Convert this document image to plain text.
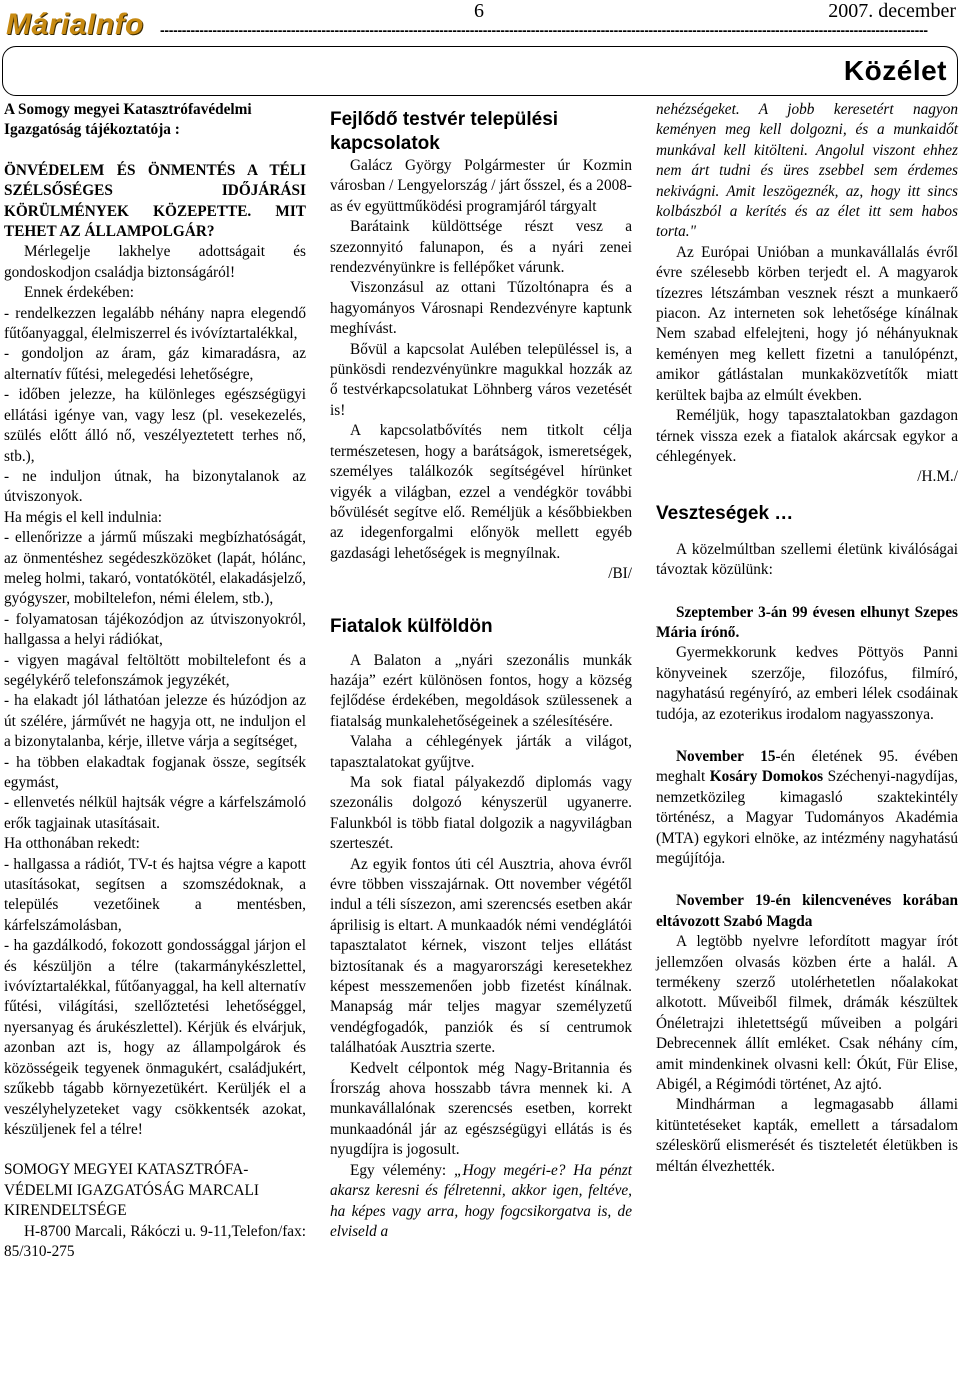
MáriaInfo	6	2007. december
--------------------------------------------------------------------------------------------------------------------------------------------------------------------------------
Közélet

A Somogy megyei Katasztrófavédelmi Igazgatóság tájékoztatója :

ÖNVÉDELEM ÉS ÖNMENTÉS A TÉLI SZÉLSŐSÉGES IDŐJÁRÁSI KÖRÜLMÉNYEK KÖZEPETTE. MIT TEHET AZ ÁLLAMPOLGÁR?

Mérlegelje lakhelye adottságait és gondoskodjon családja biztonságáról!

Ennek érdekében:

- rendelkezzen legalább néhány napra elegendő fűtőanyaggal, élelmiszerrel és ivóvíztartalékkal,

- gondoljon az áram, gáz kimaradásra, az alternatív fűtési, melegedési lehetőségre,

- időben jelezze, ha különleges egészségügyi ellátási igénye van, vagy lesz (pl. vesekezelés, szülés előtt álló nő, veszélyeztetett terhes nő, stb.),

- ne induljon útnak, ha bizonytalanok az útviszonyok.

Ha mégis el kell indulnia:

- ellenőrizze a jármű műszaki megbízhatóságát, az önmentéshez segédeszközöket (lapát, hólánc, meleg holmi, takaró, vontatókötél, elakadásjelző, gyógyszer, mobiltelefon, némi élelem, stb.),

- folyamatosan tájékozódjon az útviszonyokról, hallgassa a helyi rádiókat,

- vigyen magával feltöltött mobiltelefont és a segélykérő telefonszámok jegyzékét,

- ha elakadt jól láthatóan jelezze és húzódjon az út szélére, járművét ne hagyja ott, ne induljon el a bizonytalanba, kérje, illetve várja a segítséget,

- ha többen elakadtak fogjanak össze, segítsék egymást,

- ellenvetés nélkül hajtsák végre a kárfelszámoló erők tagjainak utasításait.

Ha otthonában rekedt:

- hallgassa a rádiót, TV-t és hajtsa végre a kapott utasításokat, segítsen a szomszédoknak, a település vezetőinek a mentésben, kárfelszámolásban,

- ha gazdálkodó, fokozott gondossággal járjon el és készüljön a télre (takarmánykészlettel, ivóvíztartalékkal, fűtőanyaggal, ha kell alternatív fűtési, világítási, szellőztetési lehetőséggel, nyersanyag és árukészlettel). Kérjük és elvárjuk, azonban azt is, hogy az állampolgárok és közösségeik tegyenek önmagukért, családjukért, szűkebb tágabb környezetükért. Kerüljék el a veszélyhelyzeteket vagy csökkentsék azokat, készüljenek fel a télre!

SOMOGY MEGYEI KATASZTRÓFA-VÉDELMI IGAZGATÓSÁG MARCALI KIRENDELTSÉGE

H-8700 Marcali, Rákóczi u. 9-11,Telefon/fax: 85/310-275

Fejlődő testvér települési kapcsolatok

Galácz György Polgármester úr Kozmin városban / Lengyelország / járt ősszel, és a 2008-as év együttműködési programjáról tárgyalt

Barátaink küldöttsége részt vesz a szezonnyitó falunapon, és a nyári zenei rendezvényünkre is fellépőket várunk.

Viszonzásul az ottani Tűzoltónapra és a hagyományos Városnapi Rendezvényre kaptunk meghívást.

Bővül a kapcsolat Aulében településsel is, a pünkösdi rendezvényünkre magukkal hozzák az ő testvérkapcsolatukat Löhnberg város vezetését is!

A kapcsolatbővítés nem titkolt célja természetesen, hogy a barátságok, ismeretségek, személyes találkozók segítségével hírünket vigyék a világban, ezzel a vendégkör további bővülését segítve elő. Reméljük a későbbiekben az idegenforgalmi előnyök mellett egyéb gazdasági lehetőségek is megnyílnak.

/BI/

Fiatalok külföldön

A Balaton a „nyári szezonális munkák hazája” ezért különösen fontos, hogy a község fejlődése érdekében, megoldások szülessenek a fiatalság munkalehetőségeinek a szélesítésére.

Valaha a céhlegények járták a világot, tapasztalatokat gyűjtve.

Ma sok fiatal pályakezdő diplomás vagy szezonális dolgozó kényszerül ugyanerre. Falunkból is több fiatal dolgozik a nagyvilágban szerteszét.

Az egyik fontos úti cél Ausztria, ahova évről évre többen visszajárnak. Ott november végétől indul a téli síszezon, ami szerencsés esetben akár áprilisig is eltart. A munkaadók némi vendéglátói tapasztalatot kérnek, viszont teljes ellátást biztosítanak és a magyarországi keresetekhez képest messzemenően jobb fizetést kínálnak. Manapság már teljes magyar személyzetű vendégfogadók, panziók és sí centrumok találhatóak Ausztria szerte.

Kedvelt célpontok még Nagy-Britannia és Írország ahova hosszabb távra mennek ki. A munkavállalónak szerencsés esetben, korrekt munkaadónál jár az egészségügyi ellátás is és nyugdíjra is jogosult.

Egy vélemény: „Hogy megéri-e? Ha pénzt akarsz keresni és félretenni, akkor igen, feltéve, ha képes vagy arra, hogy fogcsikorgatva is, de elviseld a

nehézségeket. A jobb keresetért nagyon keményen meg kell dolgozni, és a munkaidőt munkával kell kitölteni. Angolul viszont ehhez nem árt tudni és üres zsebbel sem érdemes nekivágni. Amit leszögeznék, az, hogy itt sincs kolbászból a kerítés és az élet itt sem habos torta."

Az Európai Unióban a munkavállalás évről évre szélesebb körben terjedt el. A magyarok tízezres létszámban vesznek részt a munkaerő piacon. Az interneten sok lehetősége kínálnak Nem szabad elfelejteni, hogy jó néhányuknak keményen meg kellett fizetni a tanulópénzt, amikor gátlástalan munkaközvetítők miatt kerültek bajba az elmúlt években.

Reméljük, hogy tapasztalatokban gazdagon térnek vissza ezek a fiatalok akárcsak egykor a céhlegények.

/H.M./

Veszteségek …

A közelmúltban szellemi életünk kiválóságai távoztak közülünk:

Szeptember 3-án 99 évesen elhunyt Szepes Mária írónő.

Gyermekkorunk kedves Pöttyös Panni könyveinek szerzője, filozófus, filmíró, nagyhatású regényíró, az emberi lélek csodáinak tudója, az ezoterikus irodalom nagyasszonya.

November 15-én életének 95. évében meghalt Kosáry Domokos Széchenyi-nagydíjas, nemzetközileg kimagasló szaktekintély történész, a Magyar Tudományos Akadémia (MTA) egykori elnöke, az intézmény nagyhatású megújítója.

November 19-én kilencvenéves korában eltávozott Szabó Magda

A legtöbb nyelvre lefordított magyar írót jellemzően olvasás közben érte a halál. A termékeny szerző utolérhetetlen nőalakokat alkotott. Műveiből filmek, drámák készültek Ónéletrajzi ihletettségű műveiben a polgári Debrecennek állít emléket. Csak néhány cím, amit mindenkinek olvasni kell: Ókút, Für Elise, Abigél, a Régimódi történet, Az ajtó.

Mindhárman a legmagasabb állami kitüntetéseket kapták, emellett a társadalom széleskörű elismerését és tiszteletét életükben is méltán élvezhették.
